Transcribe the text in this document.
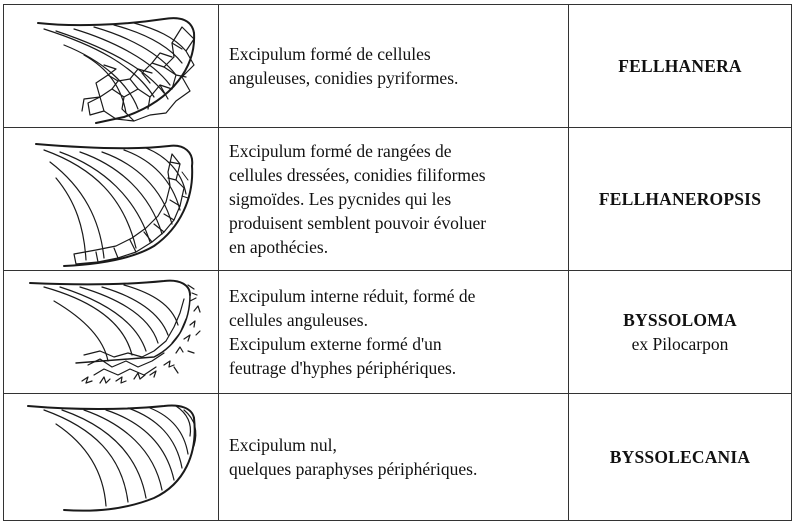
Excipulum formé de cellules
anguleuses, conidies pyriformes.	FELLHANERA

Excipulum formé de rangées de
cellules dressées, conidies filiformes
sigmoïdes. Les pycnides qui les
produisent semblent pouvoir évoluer
en apothécies.	FELLHANEROPSIS

Excipulum interne réduit, formé de
cellules anguleuses.
Excipulum externe formé d'un
feutrage d'hyphes périphériques.	BYSSOLOMA
ex Pilocarpon

Excipulum nul,
quelques paraphyses périphériques.	BYSSOLECANIA
